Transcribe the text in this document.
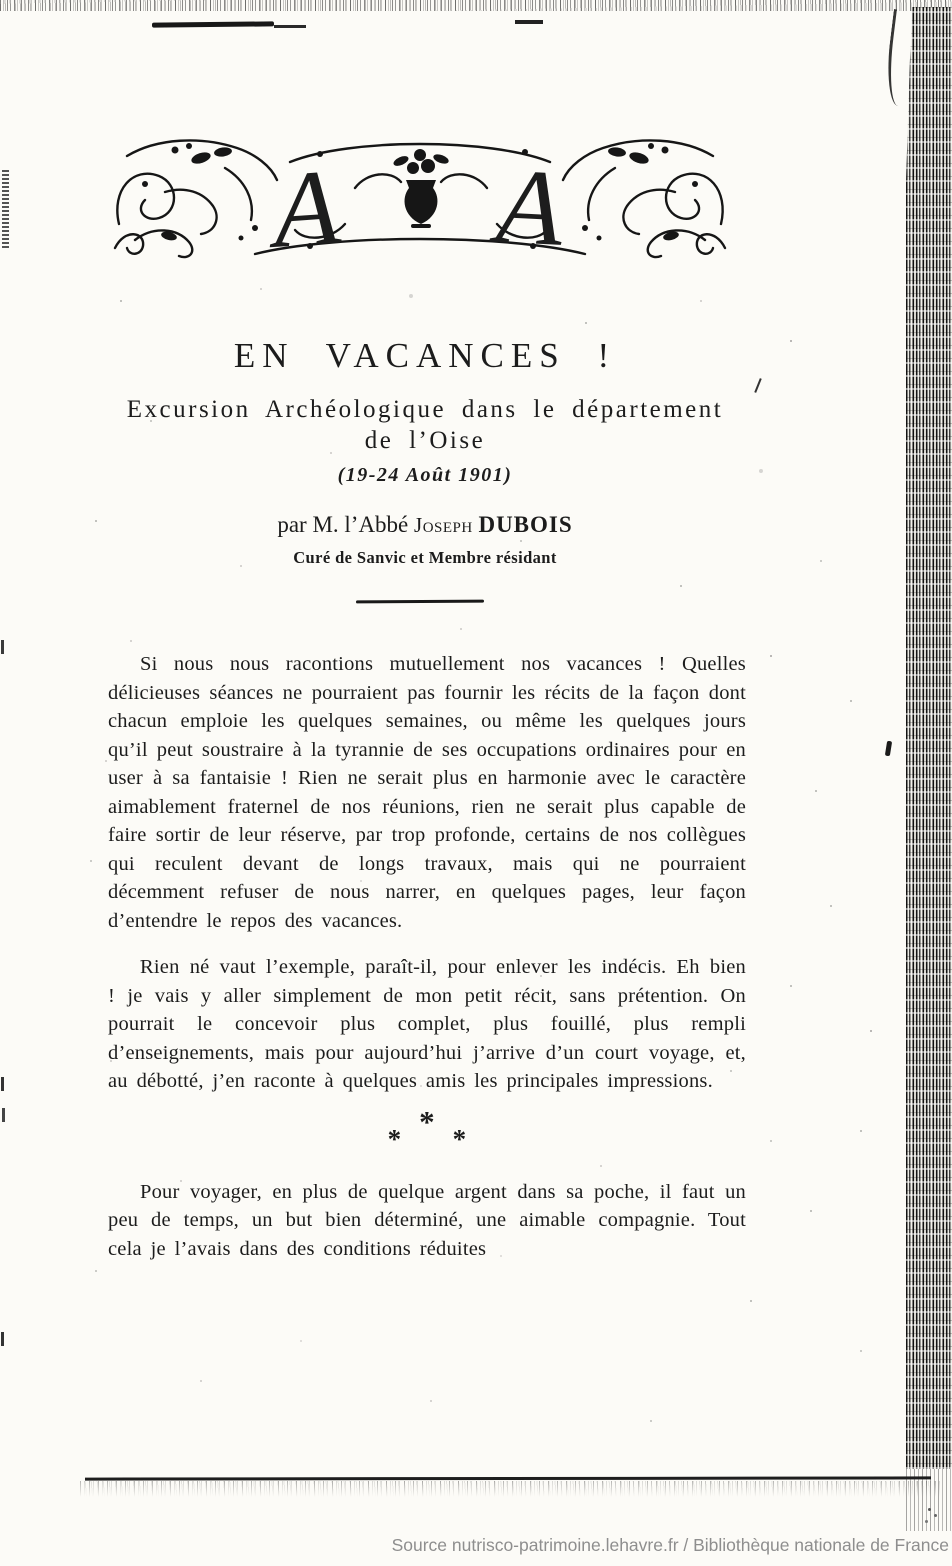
A A
EN VACANCES !
Excursion Archéologique dans le département
de l’Oise
(19-24 Août 1901)
par M. l’Abbé Joseph DUBOIS
Curé de Sanvic et Membre résidant

Si nous nous racontions mutuellement nos vacances ! Quelles délicieuses séances ne pourraient pas fournir les récits de la façon dont chacun emploie les quelques semaines, ou même les quelques jours qu’il peut soustraire à la tyrannie de ses occupations ordinaires pour en user à sa fantaisie ! Rien ne serait plus en harmonie avec le caractère aimablement fraternel de nos réunions, rien ne serait plus capable de faire sortir de leur réserve, par trop profonde, certains de nos collègues qui reculent devant de longs travaux, mais qui ne pourraient décemment refuser de nous narrer, en quelques pages, leur façon d’entendre le repos des vacances.

Rien né vaut l’exemple, paraît-il, pour enlever les indécis. Eh bien ! je vais y aller simplement de mon petit récit, sans prétention. On pourrait le concevoir plus complet, plus fouillé, plus rempli d’enseignements, mais pour aujourd’hui j’arrive d’un court voyage, et, au débotté, j’en raconte à quelques amis les principales impressions.

* * *

Pour voyager, en plus de quelque argent dans sa poche, il faut un peu de temps, un but bien déterminé, une aimable compagnie. Tout cela je l’avais dans des conditions réduites

Source nutrisco-patrimoine.lehavre.fr / Bibliothèque nationale de France
